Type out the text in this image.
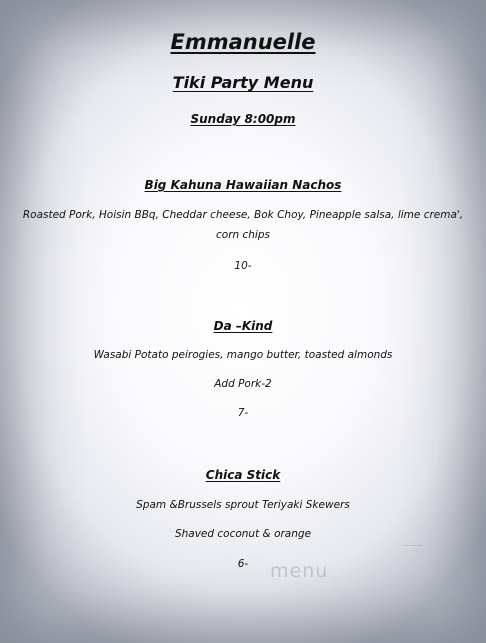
Emmanuelle
Tiki Party Menu
Sunday 8:00pm
Big Kahuna Hawaiian Nachos
Roasted Pork, Hoisin BBq, Cheddar cheese, Bok Choy, Pineapple salsa, lime crema', corn chips
10-
Da –Kind
Wasabi Potato peirogies, mango butter, toasted almonds
Add Pork-2
7-
Chica Stick
Spam &Brussels sprout Teriyaki Skewers
Shaved coconut & orange
6-	menu
